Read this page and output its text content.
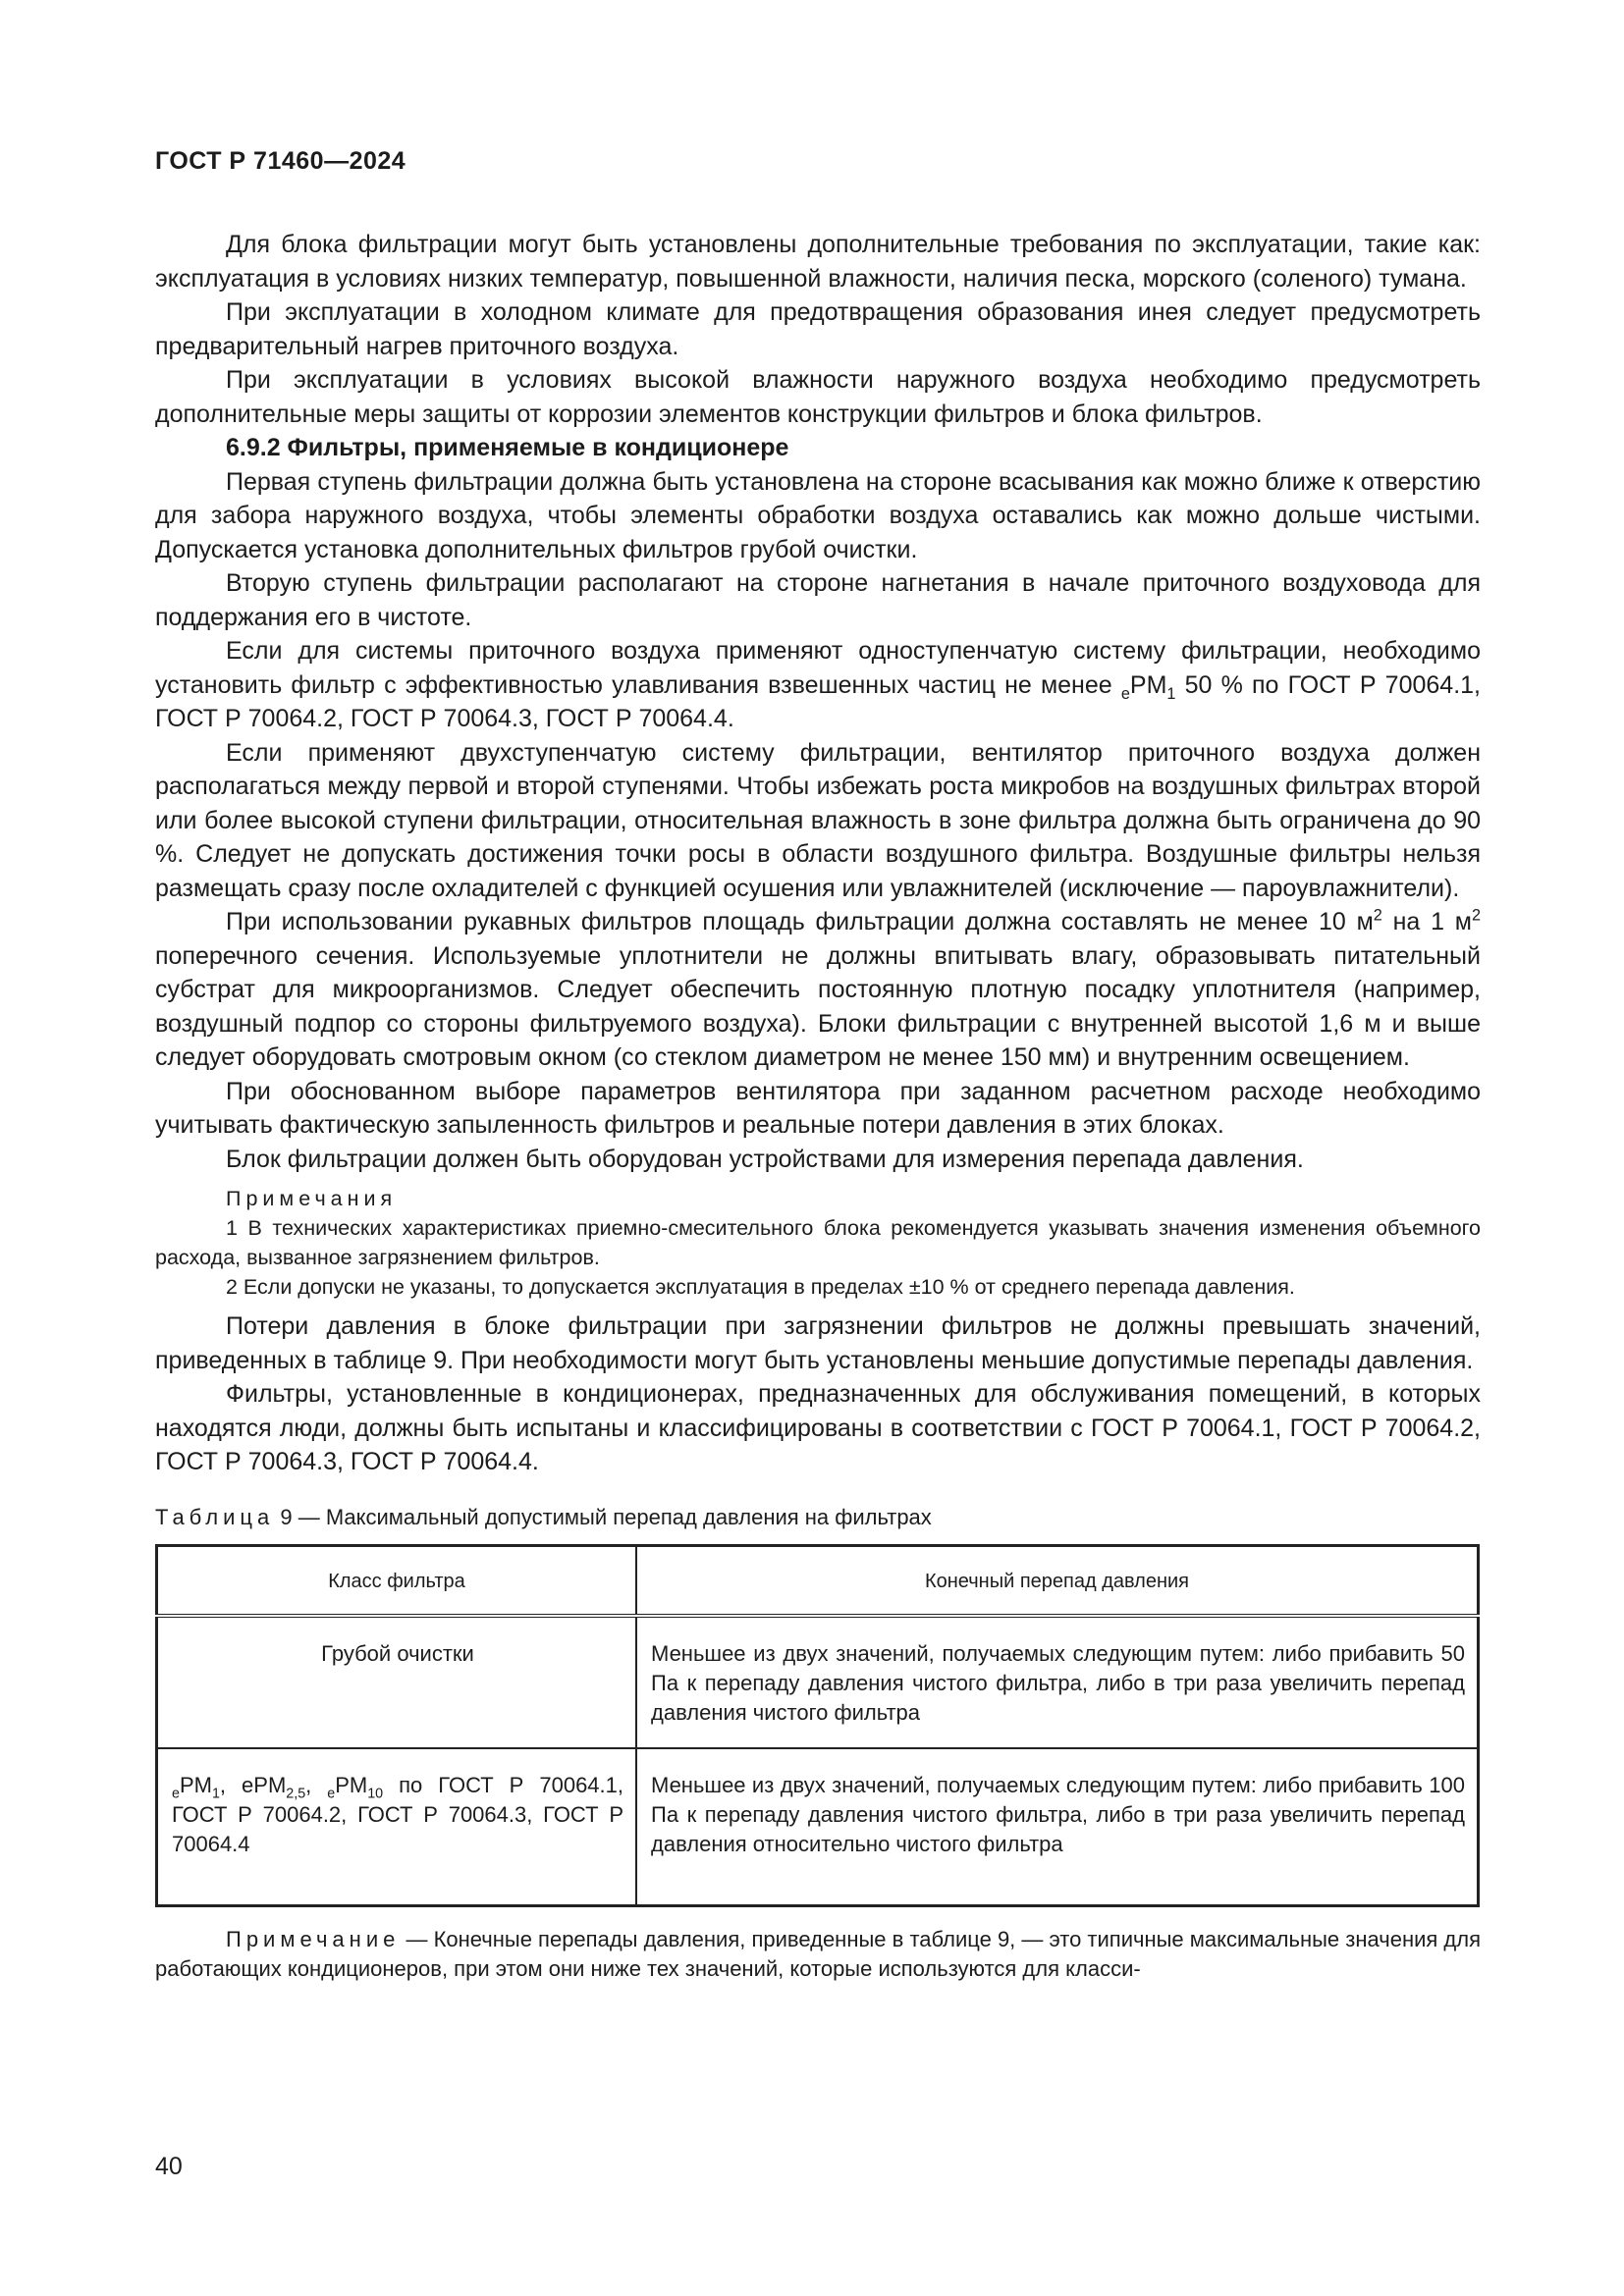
ГОСТ Р 71460—2024

Для блока фильтрации могут быть установлены дополнительные требования по эксплуатации, такие как: эксплуатация в условиях низких температур, повышенной влажности, наличия песка, морского (соленого) тумана.

При эксплуатации в холодном климате для предотвращения образования инея следует предусмотреть предварительный нагрев приточного воздуха.

При эксплуатации в условиях высокой влажности наружного воздуха необходимо предусмотреть дополнительные меры защиты от коррозии элементов конструкции фильтров и блока фильтров.

6.9.2 Фильтры, применяемые в кондиционере

Первая ступень фильтрации должна быть установлена на стороне всасывания как можно ближе к отверстию для забора наружного воздуха, чтобы элементы обработки воздуха оставались как можно дольше чистыми. Допускается установка дополнительных фильтров грубой очистки.

Вторую ступень фильтрации располагают на стороне нагнетания в начале приточного воздуховода для поддержания его в чистоте.

Если для системы приточного воздуха применяют одноступенчатую систему фильтрации, необходимо установить фильтр с эффективностью улавливания взвешенных частиц не менее $_ePM_1$ 50 % по ГОСТ Р 70064.1, ГОСТ Р 70064.2, ГОСТ Р 70064.3, ГОСТ Р 70064.4.

Если применяют двухступенчатую систему фильтрации, вентилятор приточного воздуха должен располагаться между первой и второй ступенями. Чтобы избежать роста микробов на воздушных фильтрах второй или более высокой ступени фильтрации, относительная влажность в зоне фильтра должна быть ограничена до 90 %. Следует не допускать достижения точки росы в области воздушного фильтра. Воздушные фильтры нельзя размещать сразу после охладителей с функцией осушения или увлажнителей (исключение — пароувлажнители).

При использовании рукавных фильтров площадь фильтрации должна составлять не менее 10 $м^2$ на 1 $м^2$ поперечного сечения. Используемые уплотнители не должны впитывать влагу, образовывать питательный субстрат для микроорганизмов. Следует обеспечить постоянную плотную посадку уплотнителя (например, воздушный подпор со стороны фильтруемого воздуха). Блоки фильтрации с внутренней высотой 1,6 м и выше следует оборудовать смотровым окном (со стеклом диаметром не менее 150 мм) и внутренним освещением.

При обоснованном выборе параметров вентилятора при заданном расчетном расходе необходимо учитывать фактическую запыленность фильтров и реальные потери давления в этих блоках.

Блок фильтрации должен быть оборудован устройствами для измерения перепада давления.

Примечания
1 В технических характеристиках приемно-смесительного блока рекомендуется указывать значения изменения объемного расхода, вызванное загрязнением фильтров.
2 Если допуски не указаны, то допускается эксплуатация в пределах ±10 % от среднего перепада давления.

Потери давления в блоке фильтрации при загрязнении фильтров не должны превышать значений, приведенных в таблице 9. При необходимости могут быть установлены меньшие допустимые перепады давления.

Фильтры, установленные в кондиционерах, предназначенных для обслуживания помещений, в которых находятся люди, должны быть испытаны и классифицированы в соответствии с ГОСТ Р 70064.1, ГОСТ Р 70064.2, ГОСТ Р 70064.3, ГОСТ Р 70064.4.

Таблица 9 — Максимальный допустимый перепад давления на фильтрах
Класс фильтра	Конечный перепад давления
Грубой очистки	Меньшее из двух значений, получаемых следующим путем: либо прибавить 50 Па к перепаду давления чистого фильтра, либо в три раза увеличить перепад давления чистого фильтра
$_ePM_1$, ePM$_{2,5}$, $_ePM_{10}$ по ГОСТ Р 70064.1, ГОСТ Р 70064.2, ГОСТ Р 70064.3, ГОСТ Р 70064.4	Меньшее из двух значений, получаемых следующим путем: либо прибавить 100 Па к перепаду давления чистого фильтра, либо в три раза увеличить перепад давления относительно чистого фильтра
Примечание — Конечные перепады давления, приведенные в таблице 9, — это типичные максимальные значения для работающих кондиционеров, при этом они ниже тех значений, которые используются для класси-
40
